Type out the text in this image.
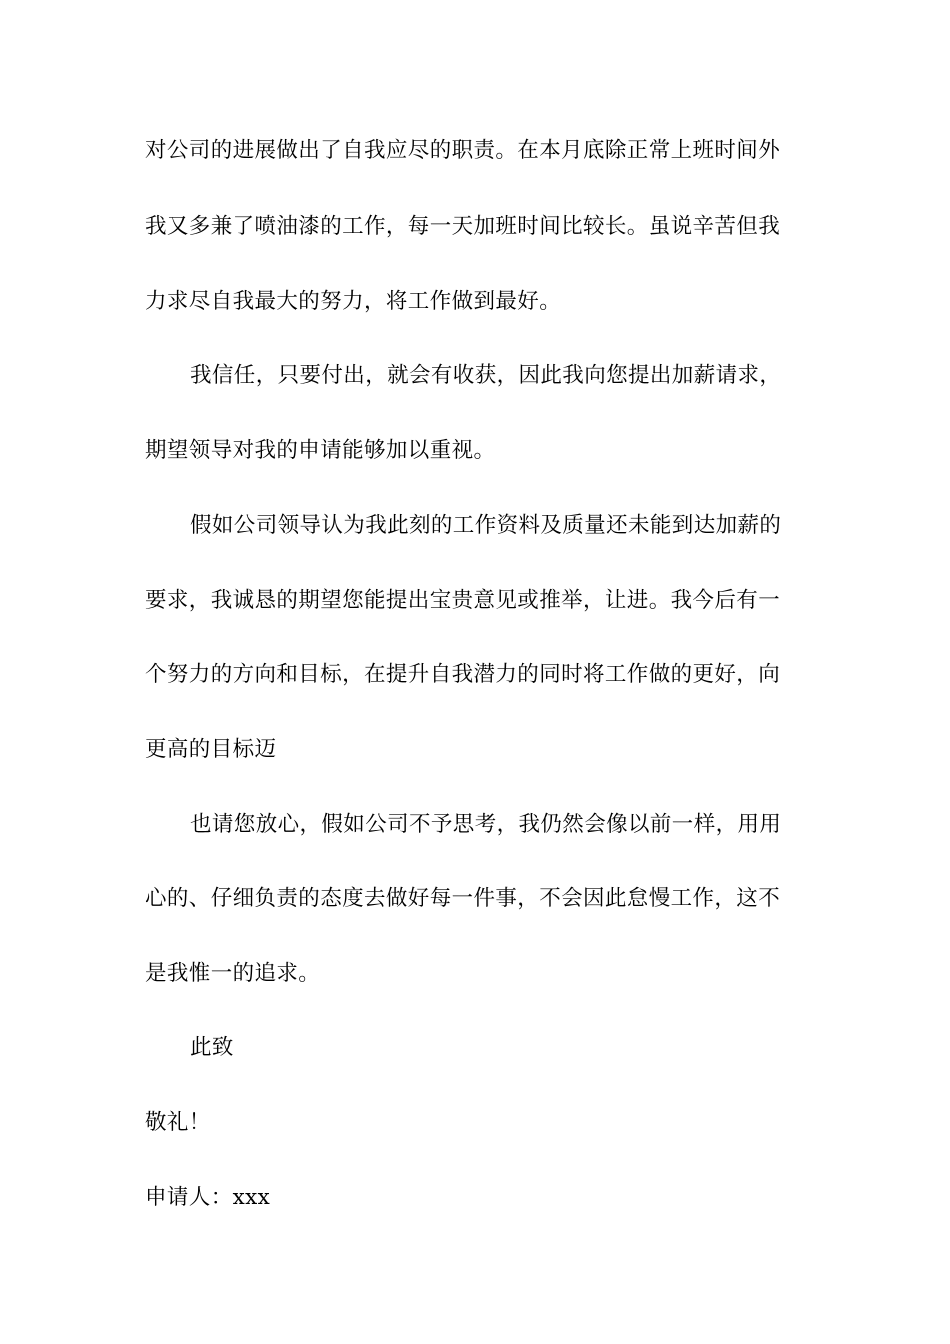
对公司的进展做出了自我应尽的职责。在本月底除正常上班时间外
我又多兼了喷油漆的工作，每一天加班时间比较长。虽说辛苦但我
力求尽自我最大的努力，将工作做到最好。
我信任，只要付出，就会有收获，因此我向您提出加薪请求，
期望领导对我的申请能够加以重视。
假如公司领导认为我此刻的工作资料及质量还未能到达加薪的
要求，我诚恳的期望您能提出宝贵意见或推举，让进。我今后有一
个努力的方向和目标，在提升自我潜力的同时将工作做的更好，向
更高的目标迈
也请您放心，假如公司不予思考，我仍然会像以前一样，用用
心的、仔细负责的态度去做好每一件事，不会因此怠慢工作，这不
是我惟一的追求。
此致
敬礼！
申请人：xxx
